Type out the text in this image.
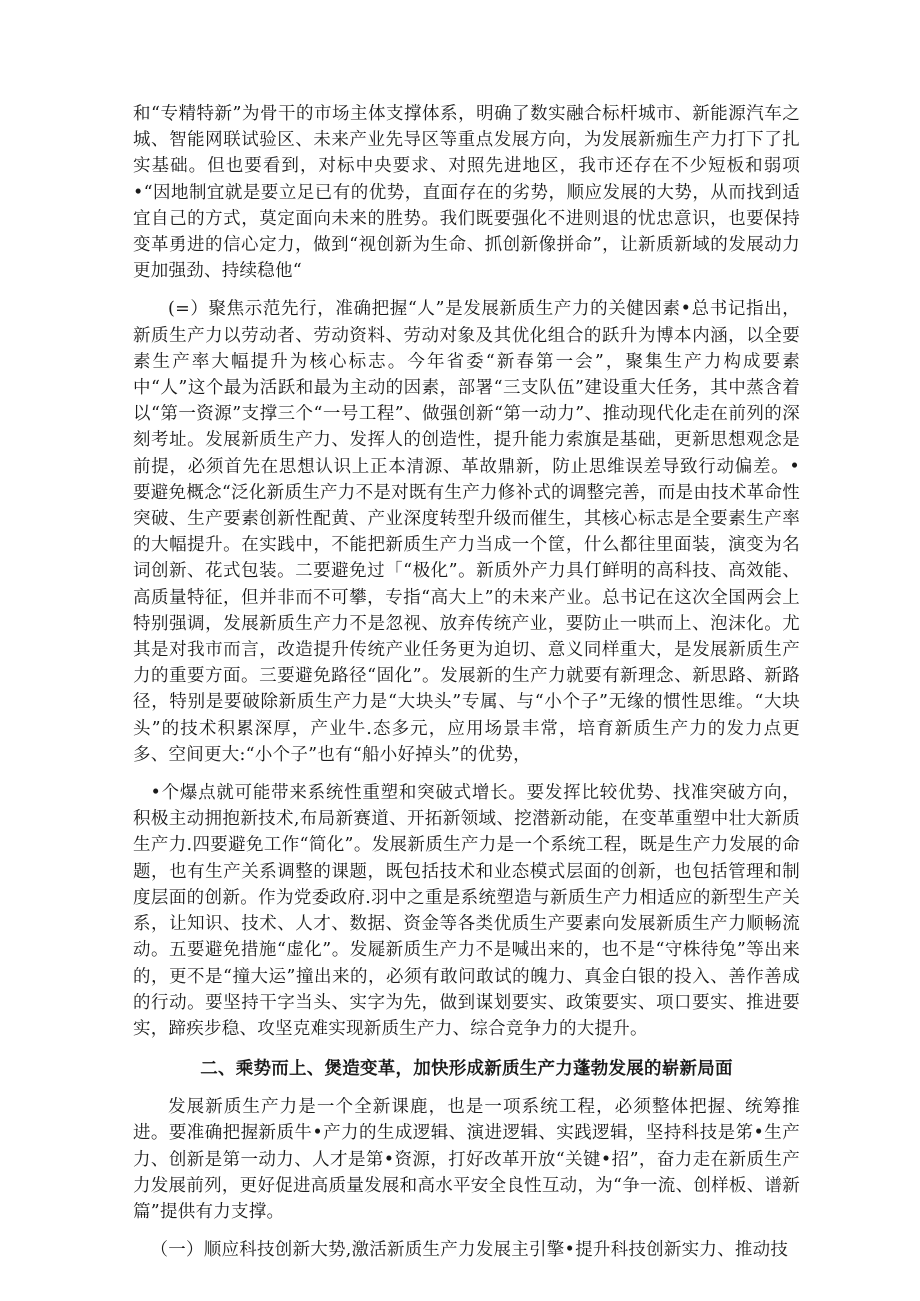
和“专精特新”为骨干的市场主体支撑体系，明确了数实融合标杆城市、新能源汽车之城、智能网联试验区、未来产业先导区等重点发展方向，为发展新痂生产力打下了扎实基础。但也要看到，对标中央要求、对照先进地区，我市还存在不少短板和弱项•“因地制宜就是要立足已有的优势，直面存在的劣势，顺应发展的大势，从而找到适宜自己的方式，莫定面向未来的胜势。我们既要强化不进则退的忧忠意识，也要保持变革勇进的信心定力，做到“视创新为生命、抓创新像拼命”，让新质新域的发展动力更加强劲、持续稳他“

(=）聚焦示范先行，准确把握“人”是发展新质生产力的关健因素•总书记指出，新质生产力以劳动者、劳动资料、劳动对象及其优化组合的跃升为博本内涵，以全要素生产率大幅提升为核心标志。今年省委“新春第一会”，聚集生产力构成要素中“人”这个最为活跃和最为主动的因素，部署“三支队伍”建设重大任务，其中蒸含着以“第一资源”支撑三个“一号工程”、做强创新“第一动力”、推动现代化走在前列的深刻考址。发展新质生产力、发挥人的创造性，提升能力索旗是基础，更新思想观念是前提，必须首先在思想认识上正本清源、革故鼎新，防止思维误差导致行动偏差。•要避免概念“泛化新质生产力不是对既有生产力修补式的调整完善，而是由技术革命性突破、生产要素创新性配黄、产业深度转型升级而催生，其核心标志是全要素生产率的大幅提升。在实践中，不能把新质生产力当成一个筐，什么都往里面装，演变为名词创新、花式包装。二要避免过「“极化”。新质外产力具仃鲜明的高科技、高效能、高质量特征，但并非而不可攀，专指“高大上”的未来产业。总书记在这次全国两会上特别强调，发展新质生产力不是忽视、放弃传统产业，要防止一哄而上、泡沫化。尤其是对我市而言，改造提升传统产业任务更为迫切、意义同样重大，是发展新质生产力的重要方面。三要避免路径“固化”。发展新的生产力就要有新理念、新思路、新路径，特别是要破除新质生产力是“大块头”专属、与“小个子”无缘的惯性思维。“大块头”的技术积累深厚，产业牛.态多元，应用场景丰常，培育新质生产力的发力点更多、空间更大:“小个子”也有“船小好掉头”的优势，

•个爆点就可能带来系统性重塑和突破式增长。要发挥比较优势、找准突破方向，积极主动拥抱新技术,布局新赛道、开拓新领域、挖潜新动能，在变革重塑中壮大新质生产力.四要避免工作“简化”。发展新质生产力是一个系统工程，既是生产力发展的命题，也有生产关系调整的课题，既包括技术和业态模式层面的创新，也包括管理和制度层面的创新。作为党委政府.羽中之重是系统塑造与新质生产力相适应的新型生产关系，让知识、技术、人才、数据、资金等各类优质生产要素向发展新质生产力顺畅流动。五要避免措施“虚化”。发屣新质生产力不是喊出来的，也不是“守株待兔”等出来的，更不是“撞大运”撞出来的，必须有敢问敢试的魄力、真金白银的投入、善作善成的行动。要坚持干字当头、实字为先，做到谋划要实、政策要实、项口要实、推进要实，蹄疾步稳、攻坚克难实现新质生产力、综合竞争力的大提升。

二、乘势而上、煲造变革，加快形成新质生产力蓬勃发展的崭新局面

发展新质生产力是一个全新课鹿，也是一项系统工程，必须整体把握、统筹推进。要准确把握新质牛•产力的生成逻辑、演进逻辑、实践逻辑，坚持科技是笫•生产力、创新是第一动力、人才是第•资源，打好改革开放“关键•招”，奋力走在新质生产力发展前列，更好促进高质量发展和高水平安全良性互动，为“争一流、创样板、谱新篇”提供有力支撑。

（一）顺应科技创新大势,激活新质生产力发展主引擎•提升科技创新实力、推动技
